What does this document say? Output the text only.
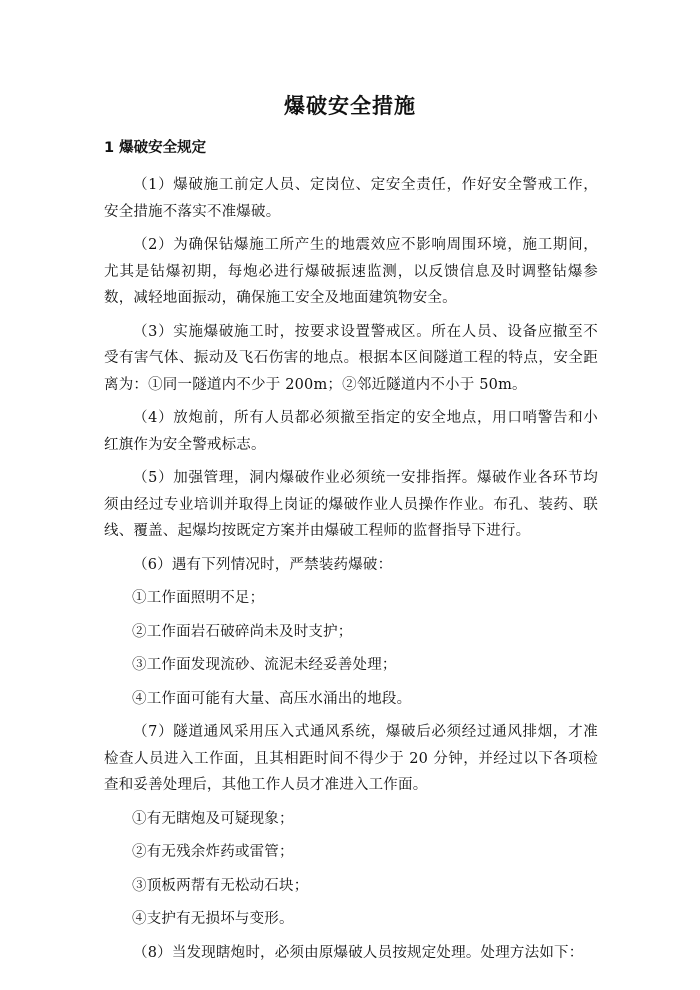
爆破安全措施
1 爆破安全规定

（1）爆破施工前定人员、定岗位、定安全责任，作好安全警戒工作，安全措施不落实不准爆破。

（2）为确保钻爆施工所产生的地震效应不影响周围环境，施工期间，尤其是钻爆初期，每炮必进行爆破振速监测，以反馈信息及时调整钻爆参数，减轻地面振动，确保施工安全及地面建筑物安全。

（3）实施爆破施工时，按要求设置警戒区。所在人员、设备应撤至不受有害气体、振动及飞石伤害的地点。根据本区间隧道工程的特点，安全距离为：①同一隧道内不少于 200m；②邻近隧道内不小于 50m。

（4）放炮前，所有人员都必须撤至指定的安全地点，用口哨警告和小红旗作为安全警戒标志。

（5）加强管理，洞内爆破作业必须统一安排指挥。爆破作业各环节均须由经过专业培训并取得上岗证的爆破作业人员操作作业。布孔、装药、联线、覆盖、起爆均按既定方案并由爆破工程师的监督指导下进行。

（6）遇有下列情况时，严禁装药爆破：

①工作面照明不足；

②工作面岩石破碎尚未及时支护；

③工作面发现流砂、流泥未经妥善处理；

④工作面可能有大量、高压水涌出的地段。

（7）隧道通风采用压入式通风系统，爆破后必须经过通风排烟，才准检查人员进入工作面，且其相距时间不得少于 20 分钟，并经过以下各项检查和妥善处理后，其他工作人员才准进入工作面。

①有无瞎炮及可疑现象；

②有无残余炸药或雷管；

③顶板两帮有无松动石块；

④支护有无损坏与变形。

（8）当发现瞎炮时，必须由原爆破人员按规定处理。处理方法如下：
